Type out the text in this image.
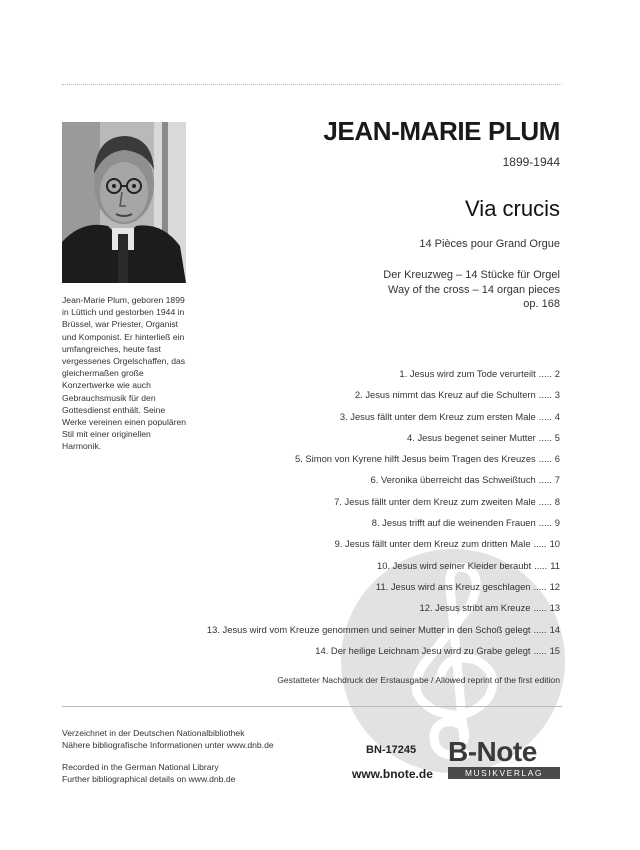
Jean-Marie Plum, geboren 1899 in Lüttich und gestorben 1944 in Brüssel, war Priester, Organist und Komponist. Er hinterließ ein umfangreiches, heute fast vergessenes Orgelschaffen, das gleichermaßen große Konzertwerke wie auch Gebrauchsmusik für den Gottesdienst enthält. Seine Werke vereinen einen populären Stil mit einer originellen Harmonik.
JEAN-MARIE PLUM
1899-1944
Via crucis
14 Pièces pour Grand Orgue
Der Kreuzweg – 14 Stücke für Orgel
Way of the cross – 14 organ pieces
op. 168
1. Jesus wird zum Tode verurteilt ..... 2
2. Jesus nimmt das Kreuz auf die Schultern ..... 3
3. Jesus fällt unter dem Kreuz zum ersten Male ..... 4
4. Jesus begenet seiner Mutter ..... 5
5. Simon von Kyrene hilft Jesus beim Tragen des Kreuzes ..... 6
6. Veronika überreicht das Schweißtuch ..... 7
7. Jesus fällt unter dem Kreuz zum zweiten Male ..... 8
8. Jesus trifft auf die weinenden Frauen ..... 9
9. Jesus fällt unter dem Kreuz zum dritten Male ..... 10
10. Jesus wird seiner Kleider beraubt ..... 11
11. Jesus wird ans Kreuz geschlagen ..... 12
12. Jesus stribt am Kreuze ..... 13
13. Jesus wird vom Kreuze genommen und seiner Mutter in den Schoß gelegt ..... 14
14. Der heilige Leichnam Jesu wird zu Grabe gelegt ..... 15
Gestatteter Nachdruck der Erstausgabe / Allowed reprint of the first edition
Verzeichnet in der Deutschen Nationalbibliothek
Nähere bibliografische Informationen unter www.dnb.de
Recorded in the German National Library
Further bibliographical details on www.dnb.de
BN-17245
www.bnote.de
B-Note
MUSIKVERLAG
